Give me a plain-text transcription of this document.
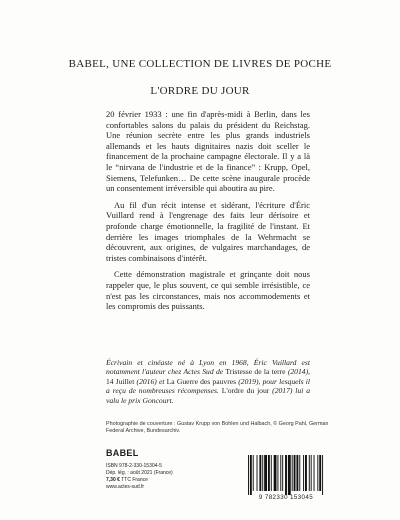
BABEL, UNE COLLECTION DE LIVRES DE POCHE
L'ORDRE DU JOUR

20 février 1933 : une fin d'après-midi à Berlin, dans les confortables salons du palais du président du Reichstag. Une réunion secrète entre les plus grands industriels allemands et les hauts dignitaires nazis doit sceller le financement de la prochaine campagne électorale. Il y a là le “nirvana de l'industrie et de la finance” : Krupp, Opel, Siemens, Telefunken… De cette scène inaugurale procède un consentement irréversible qui aboutira au pire.

Au fil d'un récit intense et sidérant, l'écriture d'Éric Vuillard rend à l'engrenage des faits leur dérisoire et profonde charge émotionnelle, la fragilité de l'instant. Et derrière les images triomphales de la Wehrmacht se découvrent, aux origines, de vulgaires marchandages, de tristes combinaisons d'intérêt.

Cette démonstration magistrale et grinçante doit nous rappeler que, le plus souvent, ce qui semble irrésistible, ce n'est pas les circonstances, mais nos accommodements et les compromis des puissants.

Écrivain et cinéaste né à Lyon en 1968, Éric Vuillard est notamment l'auteur chez Actes Sud de Tristesse de la terre (2014), 14 Juillet (2016) et La Guerre des pauvres (2019), pour lesquels il a reçu de nombreuses récompenses. L'ordre du jour (2017) lui a valu le prix Goncourt.
Photographie de couverture : Gustav Krupp von Bohlen und Halbach, © Georg Pahl, German Federal Archive, Bundesarchiv.
BABEL
ISBN 978-2-330-15304-5
Dép. lég. : août 2021 (France)
7,30 € TTC France
www.actes-sud.fr
9 782330 153045
